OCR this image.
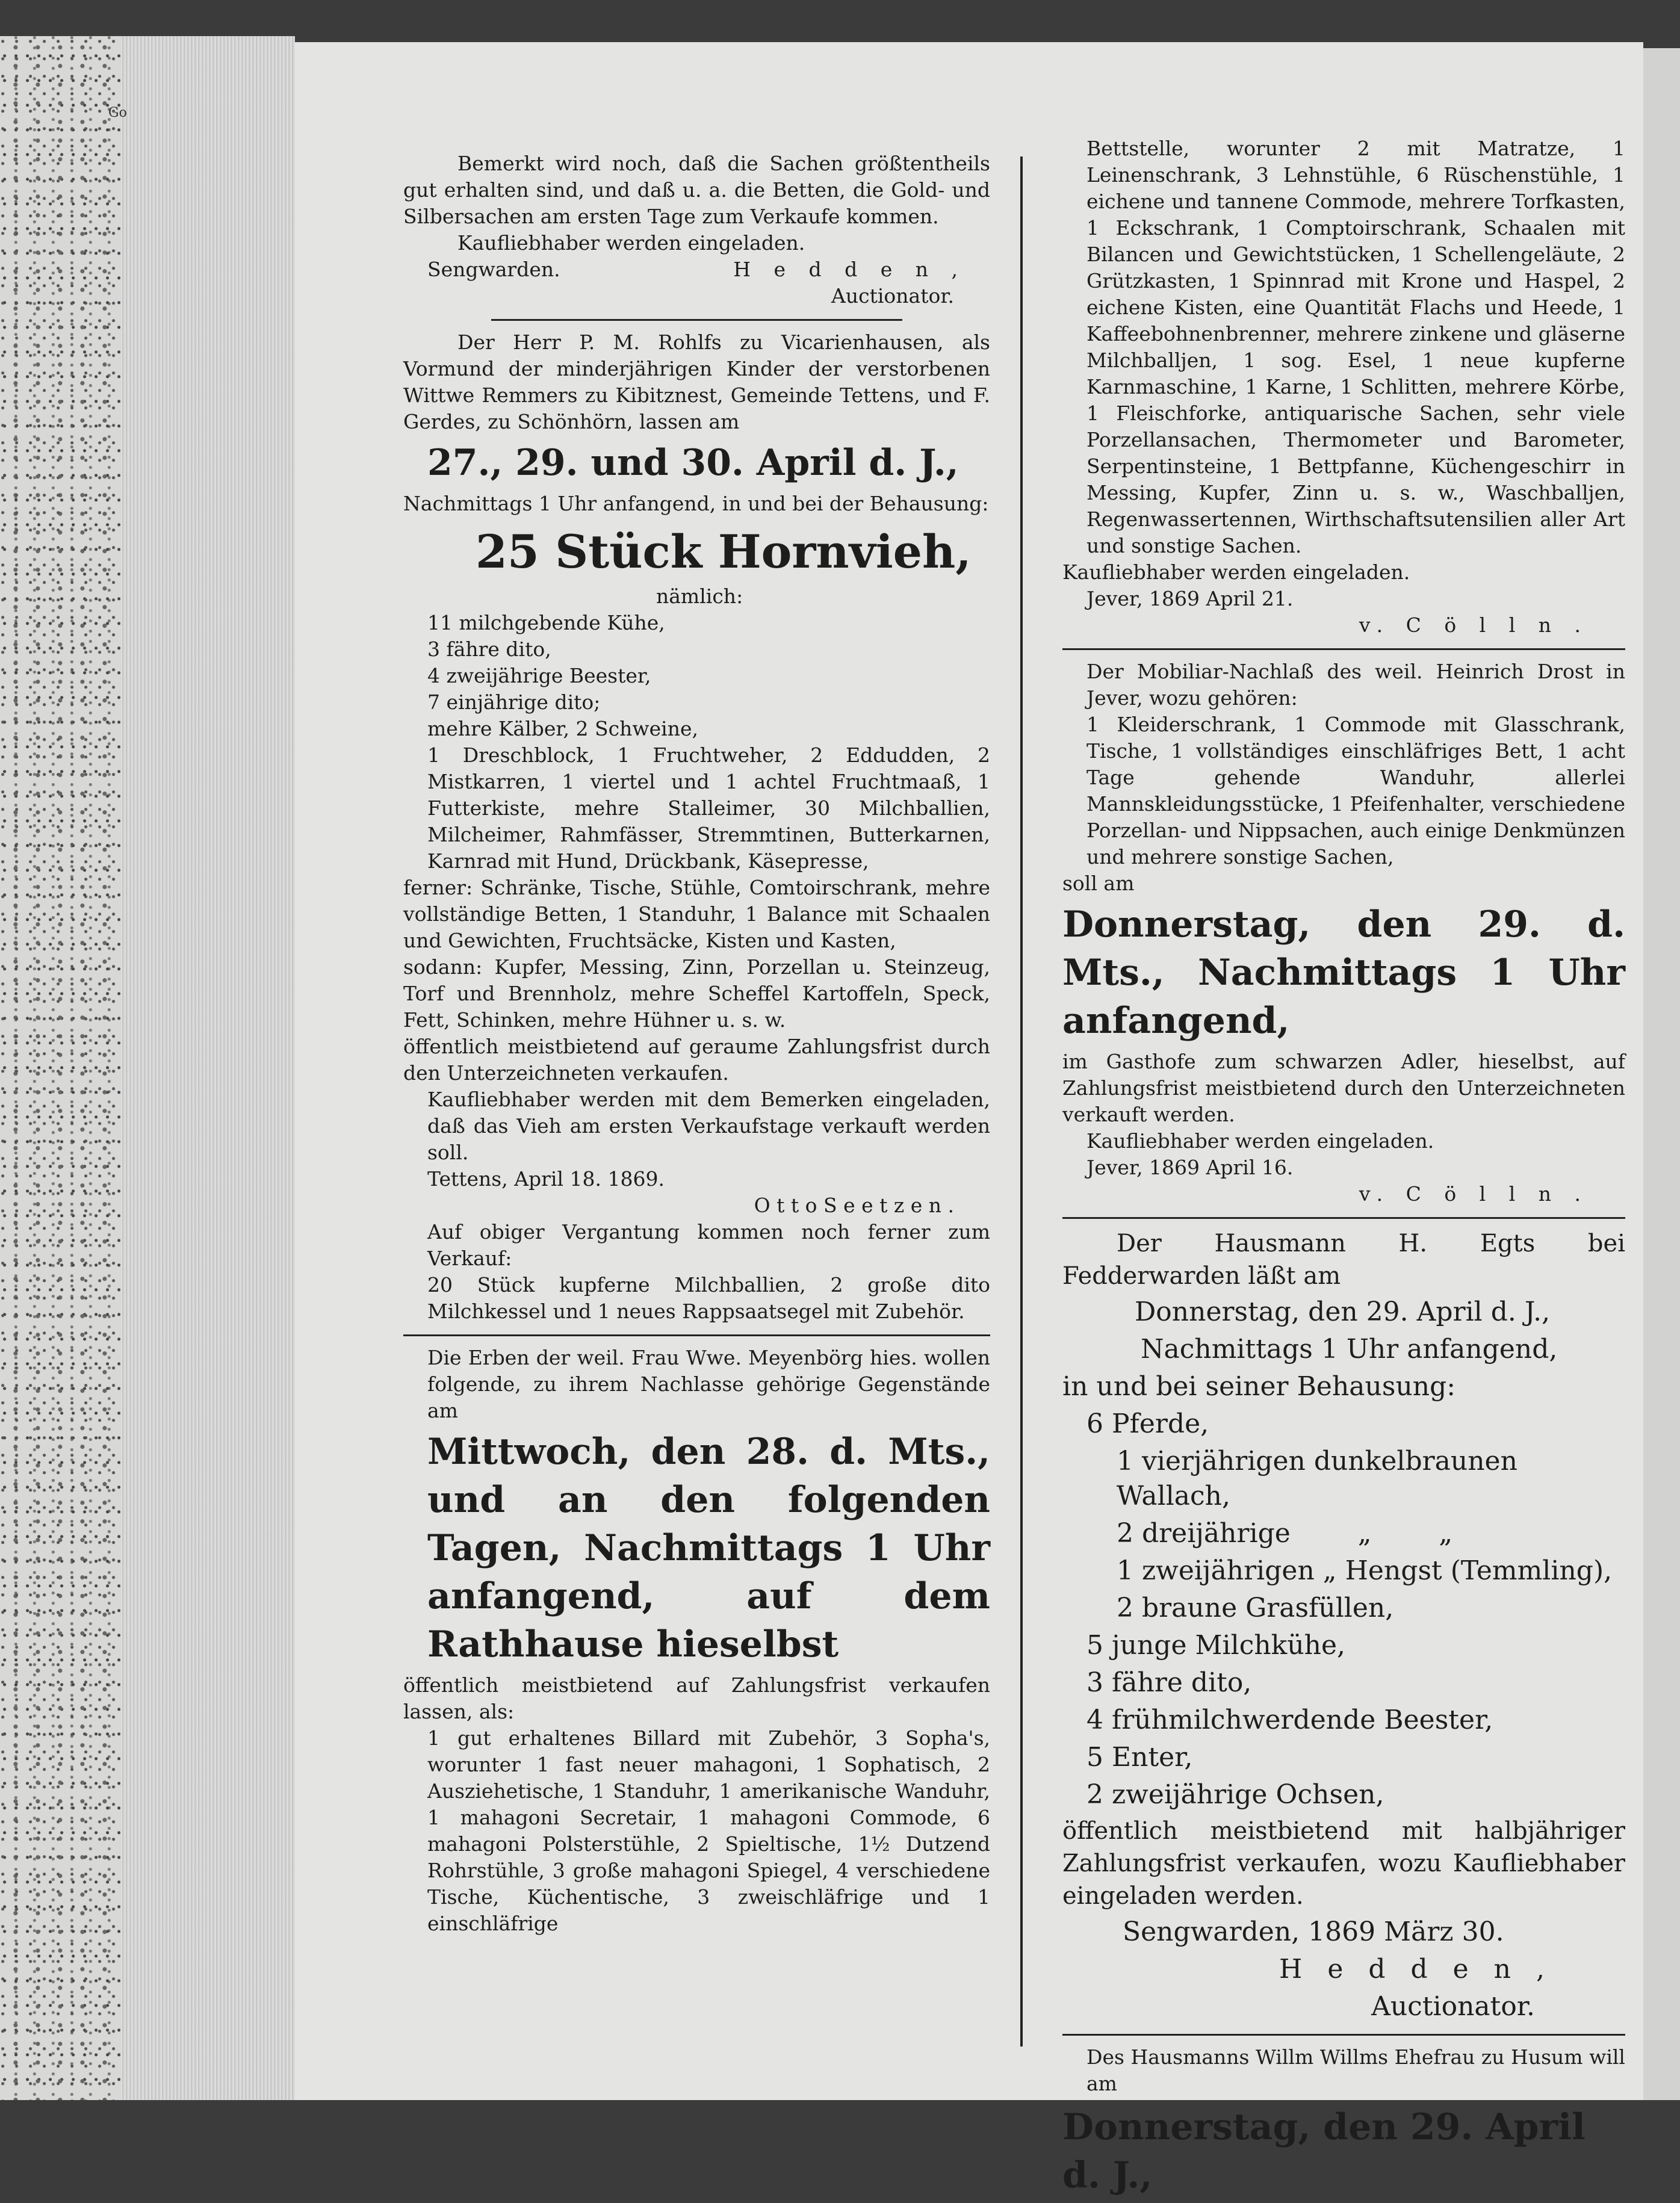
Go

Bemerkt wird noch, daß die Sachen größtentheils gut erhalten sind, und daß u. a. die Betten, die Gold- und Silbersachen am ersten Tage zum Verkaufe kommen.

Kaufliebhaber werden eingeladen.

Sengwarden.	H e d d e n ,

Auctionator.

Der Herr P. M. Rohlfs zu Vicarienhausen, als Vormund der minderjährigen Kinder der verstorbenen Wittwe Remmers zu Kibitznest, Gemeinde Tettens, und F. Gerdes, zu Schönhörn, lassen am

27., 29. und 30. April d. J.,

Nachmittags 1 Uhr anfangend, in und bei der Behausung:

25 Stück Hornvieh,

nämlich:

11 milchgebende Kühe,

3 fähre dito,

4 zweijährige Beester,

7 einjährige dito;

mehre Kälber, 2 Schweine,

1 Dreschblock, 1 Fruchtweher, 2 Eddudden, 2 Mistkarren, 1 viertel und 1 achtel Fruchtmaaß, 1 Futterkiste, mehre Stalleimer, 30 Milchballien, Milcheimer, Rahmfässer, Stremmtinen, Butterkarnen, Karnrad mit Hund, Drückbank, Käsepresse,

ferner: Schränke, Tische, Stühle, Comtoirschrank, mehre vollständige Betten, 1 Standuhr, 1 Balance mit Schaalen und Gewichten, Fruchtsäcke, Kisten und Kasten,

sodann: Kupfer, Messing, Zinn, Porzellan u. Steinzeug, Torf und Brennholz, mehre Scheffel Kartoffeln, Speck, Fett, Schinken, mehre Hühner u. s. w.

öffentlich meistbietend auf geraume Zahlungsfrist durch den Unterzeichneten verkaufen.

Kaufliebhaber werden mit dem Bemerken eingeladen, daß das Vieh am ersten Verkaufstage verkauft werden soll.

Tettens, April 18. 1869.

O t t o S e e t z e n .

Auf obiger Vergantung kommen noch ferner zum Verkauf:

20 Stück kupferne Milchballien, 2 große dito Milchkessel und 1 neues Rappsaatsegel mit Zubehör.

Die Erben der weil. Frau Wwe. Meyenbörg hies. wollen folgende, zu ihrem Nachlasse gehörige Gegenstände am

Mittwoch, den 28. d. Mts., und an den folgenden Tagen, Nachmittags 1 Uhr anfangend, auf dem Rathhause hieselbst

öffentlich meistbietend auf Zahlungsfrist verkaufen lassen, als:

1 gut erhaltenes Billard mit Zubehör, 3 Sopha's, worunter 1 fast neuer mahagoni, 1 Sophatisch, 2 Ausziehetische, 1 Standuhr, 1 amerikanische Wanduhr, 1 mahagoni Secretair, 1 mahagoni Commode, 6 mahagoni Polsterstühle, 2 Spieltische, 1½ Dutzend Rohrstühle, 3 große mahagoni Spiegel, 4 verschiedene Tische, Küchentische, 3 zweischläfrige und 1 einschläfrige

Bettstelle, worunter 2 mit Matratze, 1 Leinenschrank, 3 Lehnstühle, 6 Rüschenstühle, 1 eichene und tannene Commode, mehrere Torfkasten, 1 Eckschrank, 1 Comptoirschrank, Schaalen mit Bilancen und Gewichtstücken, 1 Schellengeläute, 2 Grützkasten, 1 Spinnrad mit Krone und Haspel, 2 eichene Kisten, eine Quantität Flachs und Heede, 1 Kaffeebohnenbrenner, mehrere zinkene und gläserne Milchballjen, 1 sog. Esel, 1 neue kupferne Karnmaschine, 1 Karne, 1 Schlitten, mehrere Körbe, 1 Fleischforke, antiquarische Sachen, sehr viele Porzellansachen, Thermometer und Barometer, Serpentinsteine, 1 Bettpfanne, Küchengeschirr in Messing, Kupfer, Zinn u. s. w., Waschballjen, Regenwassertennen, Wirthschaftsutensilien aller Art und sonstige Sachen.

Kaufliebhaber werden eingeladen.

Jever, 1869 April 21.

v. C ö l l n .

Der Mobiliar-Nachlaß des weil. Heinrich Drost in Jever, wozu gehören:

1 Kleiderschrank, 1 Commode mit Glasschrank, Tische, 1 vollständiges einschläfriges Bett, 1 acht Tage gehende Wanduhr, allerlei Mannskleidungsstücke, 1 Pfeifenhalter, verschiedene Porzellan- und Nippsachen, auch einige Denkmünzen und mehrere sonstige Sachen,

soll am

Donnerstag, den 29. d. Mts., Nachmittags 1 Uhr anfangend,

im Gasthofe zum schwarzen Adler, hieselbst, auf Zahlungsfrist meistbietend durch den Unterzeichneten verkauft werden.

Kaufliebhaber werden eingeladen.

Jever, 1869 April 16.

v. C ö l l n .

Der Hausmann H. Egts bei Fedderwarden läßt am

Donnerstag, den 29. April d. J.,

Nachmittags 1 Uhr anfangend,

in und bei seiner Behausung:

6 Pferde,

1 vierjährigen dunkelbraunen Wallach,

2 dreijährige        „        „

1 zweijährigen „ Hengst (Temmling),

2 braune Grasfüllen,

5 junge Milchkühe,

3 fähre dito,

4 frühmilchwerdende Beester,

5 Enter,

2 zweijährige Ochsen,

öffentlich meistbietend mit halbjähriger Zahlungsfrist verkaufen, wozu Kaufliebhaber eingeladen werden.

Sengwarden, 1869 März 30.

H e d d e n ,

Auctionator.

Des Hausmanns Willm Willms Ehefrau zu Husum will am

Donnerstag, den 29. April d. J.,
